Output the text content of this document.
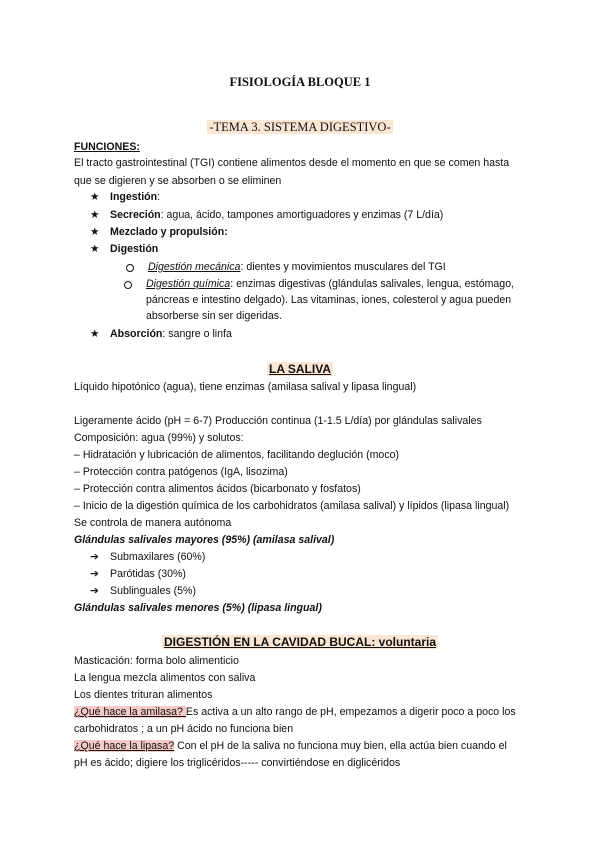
FISIOLOGÍA BLOQUE 1
-TEMA 3. SISTEMA DIGESTIVO-
FUNCIONES:
El tracto gastrointestinal (TGI) contiene alimentos desde el momento en que se comen hasta
que se digieren y se absorben o se eliminen
★ Ingestión:
★ Secreción: agua, ácido, tampones amortiguadores y enzimas (7 L/día)
★ Mezclado y propulsión:
★ Digestión
Digestión mecánica: dientes y movimientos musculares del TGI
Digestión química: enzimas digestivas (glándulas salivales, lengua, estómago,
páncreas e intestino delgado). Las vitaminas, iones, colesterol y agua pueden
absorberse sin ser digeridas.
★ Absorción: sangre o linfa
LA SALIVA
Líquido hipotónico (agua), tiene enzimas (amilasa salival y lipasa lingual)
Ligeramente ácido (pH = 6-7) Producción continua (1-1.5 L/día) por glándulas salivales
Composición: agua (99%) y solutos:
– Hidratación y lubricación de alimentos, facilitando deglución (moco)
– Protección contra patógenos (IgA, lisozima)
– Protección contra alimentos ácidos (bicarbonato y fosfatos)
– Inicio de la digestión química de los carbohidratos (amilasa salival) y lípidos (lipasa lingual)
Se controla de manera autónoma
Glándulas salivales mayores (95%) (amilasa salival)
➔ Submaxilares (60%)
➔ Parótidas (30%)
➔ Sublinguales (5%)
Glándulas salivales menores (5%) (lipasa lingual)
DIGESTIÓN EN LA CAVIDAD BUCAL: voluntaria
Masticación: forma bolo alimenticio
La lengua mezcla alimentos con saliva
Los dientes trituran alimentos
¿Qué hace la amilasa? Es activa a un alto rango de pH, empezamos a digerir poco a poco los
carbohidratos ; a un pH ácido no funciona bien
¿Qué hace la lipasa? Con el pH de la saliva no funciona muy bien, ella actúa bien cuando el
pH es ácido; digiere los triglicéridos----- convirtiéndose en diglicéridos
